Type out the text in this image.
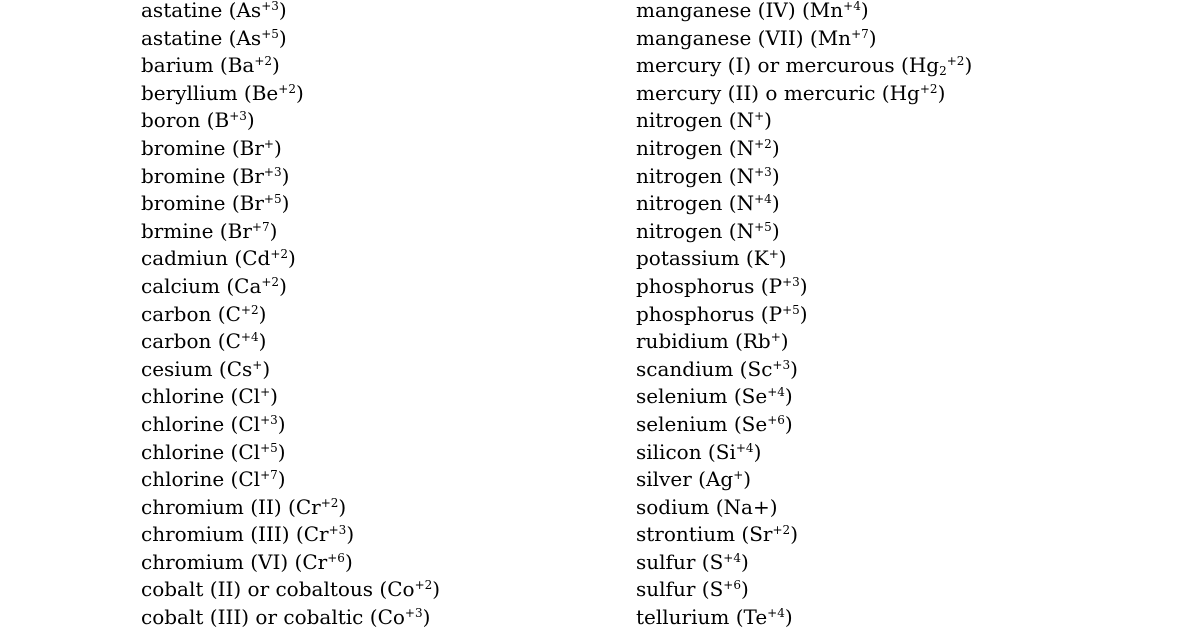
astatine $(As^{+3})$
astatine $(As^{+5})$
barium $(Ba^{+2})$
beryllium $(Be^{+2})$
boron $(B^{+3})$
bromine (Br+)
bromine $(Br^{+3})$
bromine $(Br^{+5})$
brmine $(Br^{+7})$
cadmiun $(Cd^{+2})$
calcium $(Ca^{+2})$
carbon $(C^{+2})$
carbon $(C^{+4})$
cesium (Cs+)
chlorine (Cl+)
chlorine $(Cl^{+3})$
chlorine $(Cl^{+5})$
chlorine $(Cl^{+7})$
chromium (II) $(Cr^{+2})$
chromium (III) $(Cr^{+3})$
chromium (VI) $(Cr^{+6})$
cobalt (II) or cobaltous $(Co^{+2})$
cobalt (III) or cobaltic $(Co^{+3})$
manganese (IV) $(Mn^{+4})$
manganese (VII) $(Mn^{+7})$
mercury (I) or mercurous $(Hg_2^{+2})$
mercury (II) o mercuric $(Hg^{+2})$
nitrogen (N+)
nitrogen $(N^{+2})$
nitrogen $(N^{+3})$
nitrogen $(N^{+4})$
nitrogen $(N^{+5})$
potassium (K+)
phosphorus $(P^{+3})$
phosphorus $(P^{+5})$
rubidium (Rb+)
scandium $(Sc^{+3})$
selenium $(Se^{+4})$
selenium $(Se^{+6})$
silicon $(Si^{+4})$
silver (Ag+)
sodium (Na+)
strontium $(Sr^{+2})$
sulfur $(S^{+4})$
sulfur $(S^{+6})$
tellurium $(Te^{+4})$
